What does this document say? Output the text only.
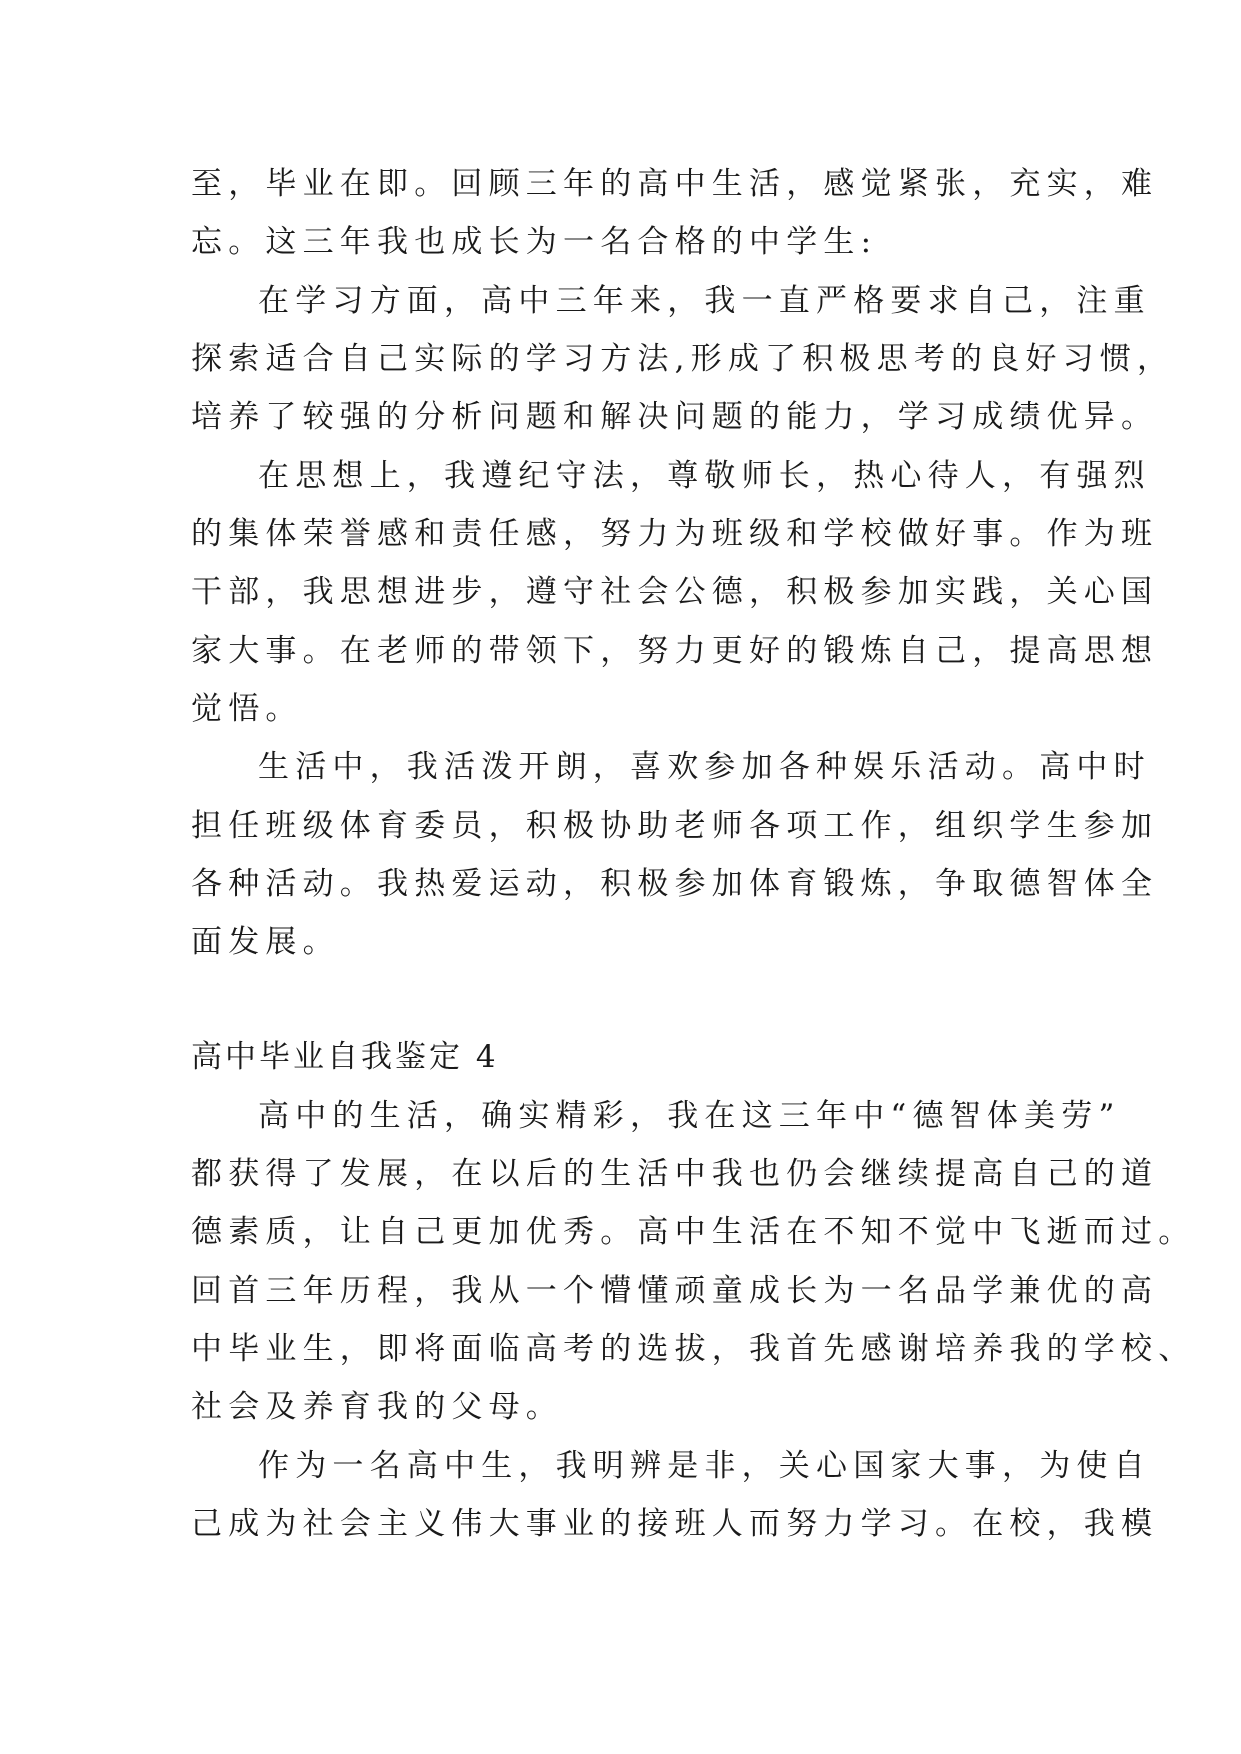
至，毕业在即。回顾三年的高中生活，感觉紧张，充实，难

忘。这三年我也成长为一名合格的中学生:

在学习方面，高中三年来，我一直严格要求自己，注重

探索适合自己实际的学习方法,形成了积极思考的良好习惯，

培养了较强的分析问题和解决问题的能力，学习成绩优异。

在思想上，我遵纪守法，尊敬师长，热心待人，有强烈

的集体荣誉感和责任感，努力为班级和学校做好事。作为班

干部，我思想进步，遵守社会公德，积极参加实践，关心国

家大事。在老师的带领下，努力更好的锻炼自己，提高思想

觉悟。

生活中，我活泼开朗，喜欢参加各种娱乐活动。高中时

担任班级体育委员，积极协助老师各项工作，组织学生参加

各种活动。我热爱运动，积极参加体育锻炼，争取德智体全

面发展。

高中毕业自我鉴定 4

高中的生活，确实精彩，我在这三年中“德智体美劳”

都获得了发展，在以后的生活中我也仍会继续提高自己的道

德素质，让自己更加优秀。高中生活在不知不觉中飞逝而过。

回首三年历程，我从一个懵懂顽童成长为一名品学兼优的高

中毕业生，即将面临高考的选拔，我首先感谢培养我的学校、

社会及养育我的父母。

作为一名高中生，我明辨是非，关心国家大事，为使自

己成为社会主义伟大事业的接班人而努力学习。在校，我模
